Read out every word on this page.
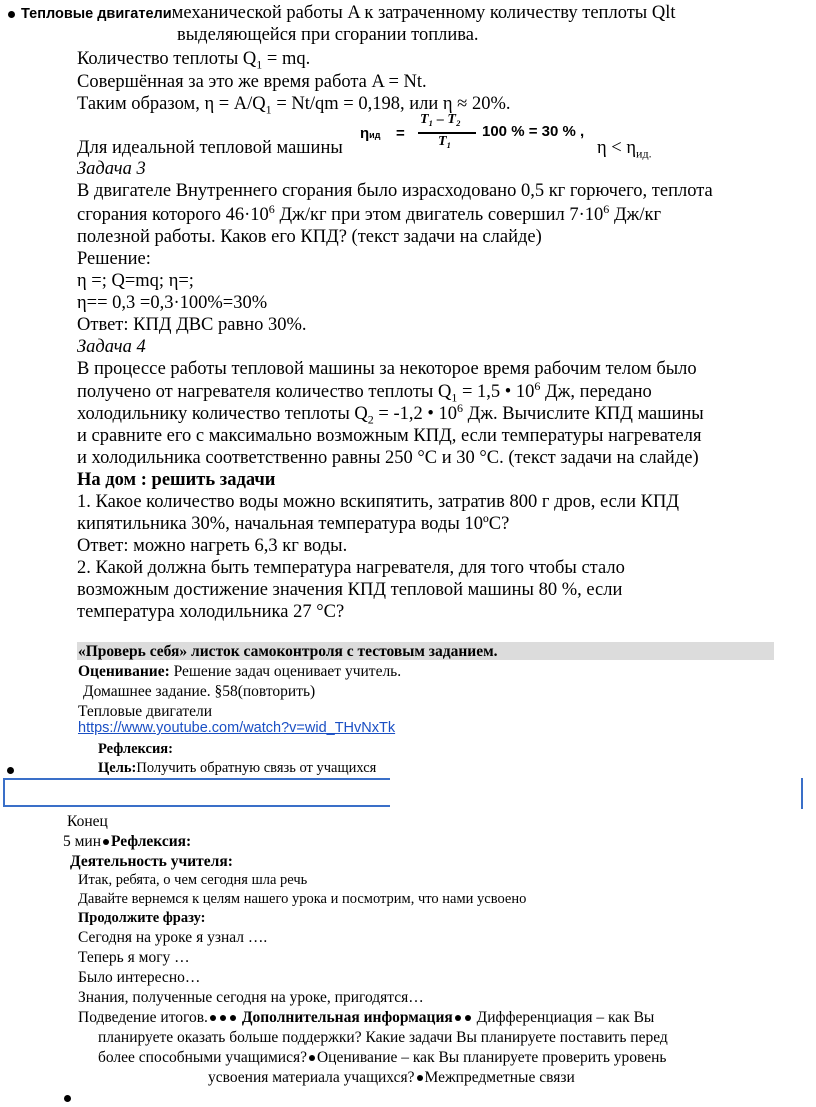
Тепловые двигателимеханической работы A к затраченному количеству теплоты Qlt
выделяющейся при сгорании топлива.
Количество теплоты $Q_1$ = mq.
Совершённая за это же время работа A = Nt.
Таким образом, $\eta = A/Q_1 = Nt/qm = 0,198$, или η ≈ 20%.
Для идеальной тепловой машины
ηид =
T₁ – T₂
T₁
100 % = 30 % ,
$\eta < \eta_{ид.}$
Задача 3
В двигателе Внутреннего сгорания было израсходовано 0,5 кг горючего, теплота
сгорания которого $46\cdot 10^6$ Дж/кг при этом двигатель совершил $7\cdot 10^6$ Дж/кг
полезной работы. Каков его КПД? (текст задачи на слайде)
Решение:
η =; Q=mq; η=;
η== 0,3 =0,3·100%=30%
Ответ: КПД ДВС равно 30%.
Задача 4
В процессе работы тепловой машины за некоторое время рабочим телом было
получено от нагревателя количество теплоты $Q_1 = 1,5$ • $10^6$ Дж, передано
холодильнику количество теплоты $Q_2 = -1,2$ • $10^6$ Дж. Вычислите КПД машины
и сравните его с максимально возможным КПД, если температуры нагревателя
и холодильника соответственно равны 250 °С и 30 °С. (текст задачи на слайде)
На дом : решить задачи
1. Какое количество воды можно вскипятить, затратив 800 г дров, если КПД
кипятильника 30%, начальная температура воды 10ºС?
Ответ: можно нагреть 6,3 кг воды.
2. Какой должна быть температура нагревателя, для того чтобы стало
возможным достижение значения КПД тепловой машины 80 %, если
температура холодильника 27 °С?
«Проверь себя» листок самоконтроля с тестовым заданием.
Оценивание: Решение задач оценивает учитель.
Домашнее задание. §58(повторить)
Тепловые двигатели
https://www.youtube.com/watch?v=wid_THvNxTk
Рефлексия:
Цель:Получить обратную связь от учащихся
Конец
5 мин Рефлексия:
Деятельность учителя:
Итак, ребята, о чем сегодня шла речь
Давайте вернемся к целям нашего урока и посмотрим, что нами усвоено
Продолжите фразу:
Сегодня на уроке я узнал ….
Теперь я могу …
Было интересно…
Знания, полученные сегодня на уроке, пригодятся…
Подведение итогов. Дополнительная информация Дифференциация – как Вы
планируете оказать больше поддержки? Какие задачи Вы планируете поставить перед
более способными учащимися? Оценивание – как Вы планируете проверить уровень
усвоения материала учащихся? Межпредметные связи
